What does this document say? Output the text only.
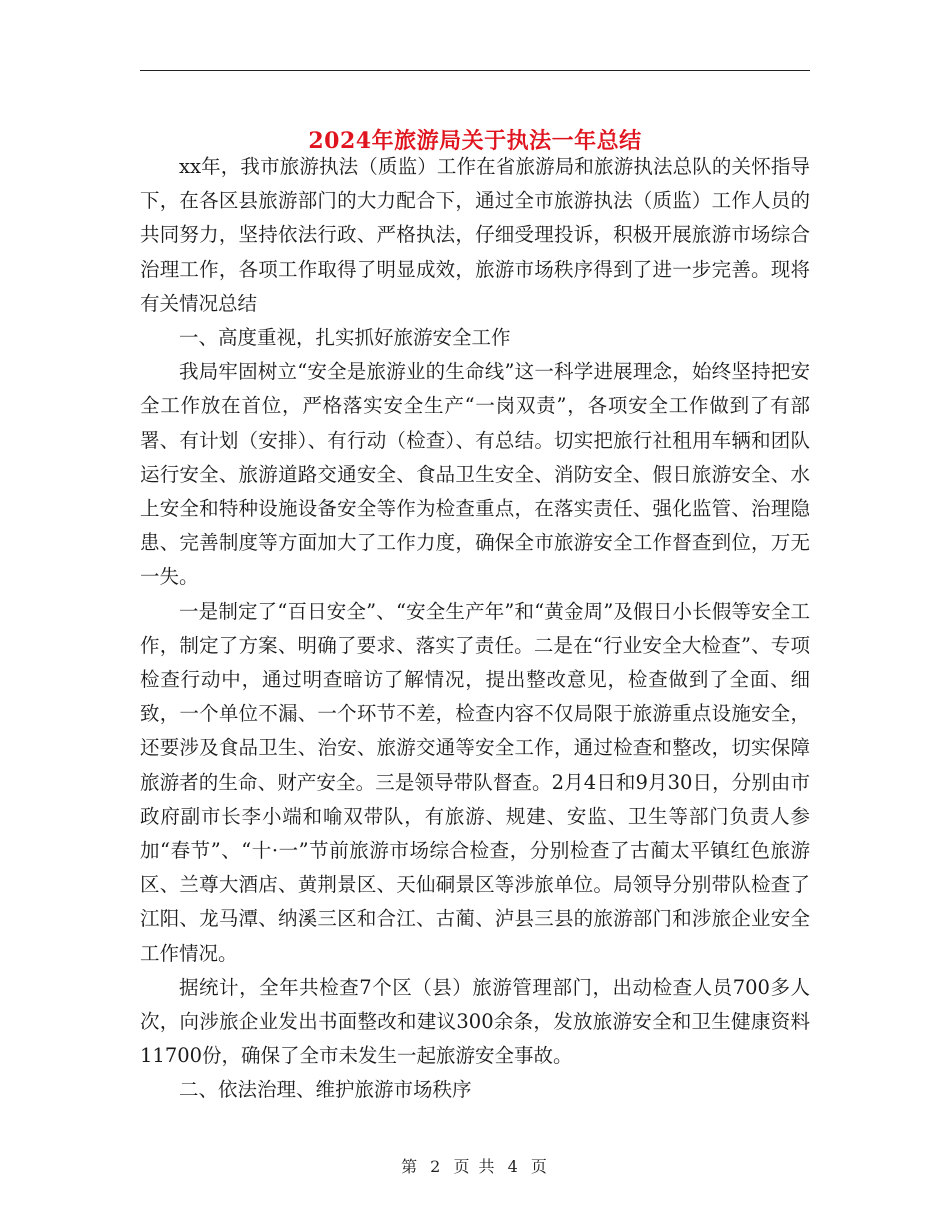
2024年旅游局关于执法一年总结

xx年，我市旅游执法（质监）工作在省旅游局和旅游执法总队的关怀指导下，在各区县旅游部门的大力配合下，通过全市旅游执法（质监）工作人员的共同努力，坚持依法行政、严格执法，仔细受理投诉，积极开展旅游市场综合治理工作，各项工作取得了明显成效，旅游市场秩序得到了进一步完善。现将有关情况总结

一、高度重视，扎实抓好旅游安全工作

我局牢固树立“安全是旅游业的生命线”这一科学进展理念，始终坚持把安全工作放在首位，严格落实安全生产“一岗双责”，各项安全工作做到了有部署、有计划（安排）、有行动（检查）、有总结。切实把旅行社租用车辆和团队运行安全、旅游道路交通安全、食品卫生安全、消防安全、假日旅游安全、水上安全和特种设施设备安全等作为检查重点，在落实责任、强化监管、治理隐患、完善制度等方面加大了工作力度，确保全市旅游安全工作督查到位，万无一失。

一是制定了“百日安全”、“安全生产年”和“黄金周”及假日小长假等安全工作，制定了方案、明确了要求、落实了责任。二是在“行业安全大检查”、专项检查行动中，通过明查暗访了解情况，提出整改意见，检查做到了全面、细致，一个单位不漏、一个环节不差，检查内容不仅局限于旅游重点设施安全，还要涉及食品卫生、治安、旅游交通等安全工作，通过检查和整改，切实保障旅游者的生命、财产安全。三是领导带队督查。2月4日和9月30日，分别由市政府副市长李小端和喻双带队，有旅游、规建、安监、卫生等部门负责人参加“春节”、“十·一”节前旅游市场综合检查，分别检查了古蔺太平镇红色旅游区、兰尊大酒店、黄荆景区、天仙硐景区等涉旅单位。局领导分别带队检查了江阳、龙马潭、纳溪三区和合江、古蔺、泸县三县的旅游部门和涉旅企业安全工作情况。

据统计，全年共检查7个区（县）旅游管理部门，出动检查人员700多人次，向涉旅企业发出书面整改和建议300余条，发放旅游安全和卫生健康资料11700份，确保了全市未发生一起旅游安全事故。

二、依法治理、维护旅游市场秩序

第 2 页 共 4 页
